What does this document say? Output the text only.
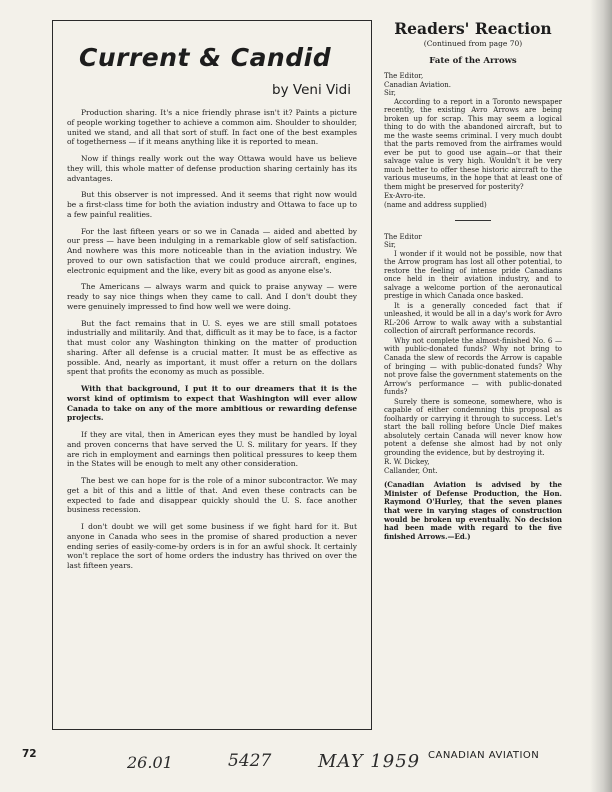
Current & Candid
by Veni Vidi

Production sharing. It's a nice friendly phrase isn't it? Paints a picture of people working together to achieve a common aim. Shoulder to shoulder, united we stand, and all that sort of stuff. In fact one of the best examples of togetherness — if it means anything like it is reported to mean.

Now if things really work out the way Ottawa would have us believe they will, this whole matter of defense production sharing certainly has its advantages.

But this observer is not impressed. And it seems that right now would be a first-class time for both the aviation industry and Ottawa to face up to a few painful realities.

For the last fifteen years or so we in Canada — aided and abetted by our press — have been indulging in a remarkable glow of self satisfaction. And nowhere was this more noticeable than in the aviation industry. We proved to our own satisfaction that we could produce aircraft, engines, electronic equipment and the like, every bit as good as anyone else's.

The Americans — always warm and quick to praise anyway — were ready to say nice things when they came to call. And I don't doubt they were genuinely impressed to find how well we were doing.

But the fact remains that in U. S. eyes we are still small potatoes industrially and militarily. And that, difficult as it may be to face, is a factor that must color any Washington thinking on the matter of production sharing. After all defense is a crucial matter. It must be as effective as possible. And, nearly as important, it must offer a return on the dollars spent that profits the economy as much as possible.

With that background, I put it to our dreamers that it is the worst kind of optimism to expect that Washington will ever allow Canada to take on any of the more ambitious or rewarding defense projects.

If they are vital, then in American eyes they must be handled by loyal and proven concerns that have served the U. S. military for years. If they are rich in employment and earnings then political pressures to keep them in the States will be enough to melt any other consideration.

The best we can hope for is the role of a minor subcontractor. We may get a bit of this and a little of that. And even these contracts can be expected to fade and disappear quickly should the U. S. face another business recession.

I don't doubt we will get some business if we fight hard for it. But anyone in Canada who sees in the promise of shared production a never ending series of easily-come-by orders is in for an awful shock. It certainly won't replace the sort of home orders the industry has thrived on over the last fifteen years.

Readers' Reaction
(Continued from page 70)
Fate of the Arrows

The Editor,

Canadian Aviation.

Sir,

According to a report in a Toronto newspaper recently, the existing Avro Arrows are being broken up for scrap. This may seem a logical thing to do with the abandoned aircraft, but to me the waste seems criminal. I very much doubt that the parts removed from the airframes would ever be put to good use again—or that their salvage value is very high. Wouldn't it be very much better to offer these historic aircraft to the various museums, in the hope that at least one of them might be preserved for posterity?

Ex-Avro-ite.

(name and address supplied)

The Editor

Sir,

I wonder if it would not be possible, now that the Arrow program has lost all other potential, to restore the feeling of intense pride Canadians once held in their aviation industry, and to salvage a welcome portion of the aeronautical prestige in which Canada once basked.

It is a generally conceded fact that if unleashed, it would be all in a day's work for Avro RL-206 Arrow to walk away with a substantial collection of aircraft performance records.

Why not complete the almost-finished No. 6 — with public-donated funds? Why not bring to Canada the slew of records the Arrow is capable of bringing — with public-donated funds? Why not prove false the government statements on the Arrow's performance — with public-donated funds?

Surely there is someone, somewhere, who is capable of either condemning this proposal as foolhardy or carrying it through to success. Let's start the ball rolling before Uncle Dief makes absolutely certain Canada will never know how potent a defense she almost had by not only grounding the evidence, but by destroying it.

R. W. Dickey,

Callander, Ont.

(Canadian Aviation is advised by the Minister of Defense Production, the Hon. Raymond O'Hurley, that the seven planes that were in varying stages of construction would be broken up eventually. No decision had been made with regard to the five finished Arrows.—Ed.)
72	26.01	5427	MAY 1959 CANADIAN AVIATION
